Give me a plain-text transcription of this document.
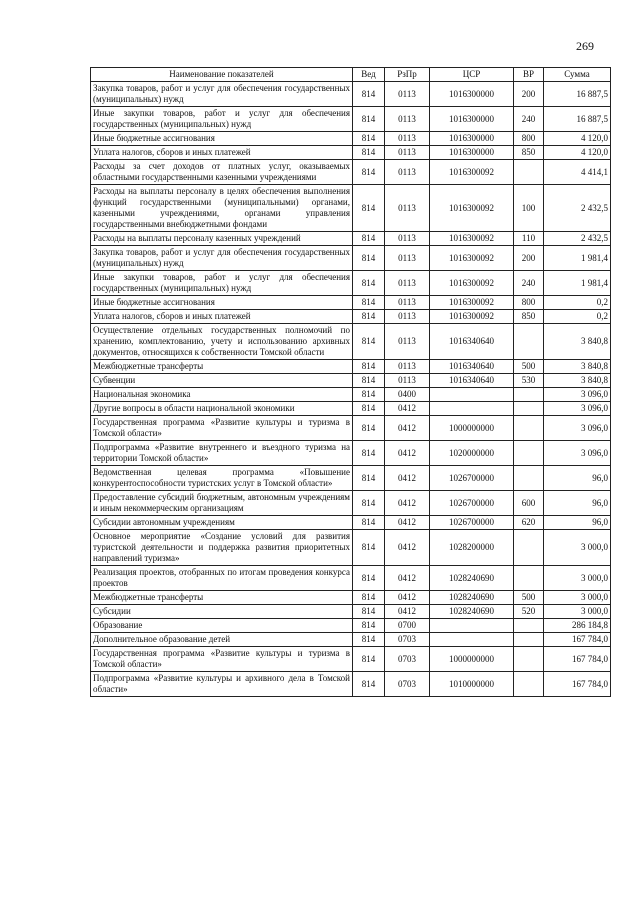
269
Наименование показателей	Вед	РзПр	ЦСР	ВР	Сумма
Закупка товаров, работ и услуг для обеспечения государственных (муниципальных) нужд	814	0113	1016300000	200	16 887,5
Иные закупки товаров, работ и услуг для обеспечения государственных (муниципальных) нужд	814	0113	1016300000	240	16 887,5
Иные бюджетные ассигнования	814	0113	1016300000	800	4 120,0
Уплата налогов, сборов и иных платежей	814	0113	1016300000	850	4 120,0
Расходы за счет доходов от платных услуг, оказываемых областными государственными казенными учреждениями	814	0113	1016300092		4 414,1
Расходы на выплаты персоналу в целях обеспечения выполнения функций государственными (муниципальными) органами, казенными учреждениями, органами управления государственными внебюджетными фондами	814	0113	1016300092	100	2 432,5
Расходы на выплаты персоналу казенных учреждений	814	0113	1016300092	110	2 432,5
Закупка товаров, работ и услуг для обеспечения государственных (муниципальных) нужд	814	0113	1016300092	200	1 981,4
Иные закупки товаров, работ и услуг для обеспечения государственных (муниципальных) нужд	814	0113	1016300092	240	1 981,4
Иные бюджетные ассигнования	814	0113	1016300092	800	0,2
Уплата налогов, сборов и иных платежей	814	0113	1016300092	850	0,2
Осуществление отдельных государственных полномочий по хранению, комплектованию, учету и использованию архивных документов, относящихся к собственности Томской области	814	0113	1016340640		3 840,8
Межбюджетные трансферты	814	0113	1016340640	500	3 840,8
Субвенции	814	0113	1016340640	530	3 840,8
Национальная экономика	814	0400			3 096,0
Другие вопросы в области национальной экономики	814	0412			3 096,0
Государственная программа «Развитие культуры и туризма в Томской области»	814	0412	1000000000		3 096,0
Подпрограмма «Развитие внутреннего и въездного туризма на территории Томской области»	814	0412	1020000000		3 096,0
Ведомственная целевая программа «Повышение конкурентоспособности туристских услуг в Томской области»	814	0412	1026700000		96,0
Предоставление субсидий бюджетным, автономным учреждениям и иным некоммерческим организациям	814	0412	1026700000	600	96,0
Субсидии автономным учреждениям	814	0412	1026700000	620	96,0
Основное мероприятие «Создание условий для развития туристской деятельности и поддержка развития приоритетных направлений туризма»	814	0412	1028200000		3 000,0
Реализация проектов, отобранных по итогам проведения конкурса проектов	814	0412	1028240690		3 000,0
Межбюджетные трансферты	814	0412	1028240690	500	3 000,0
Субсидии	814	0412	1028240690	520	3 000,0
Образование	814	0700			286 184,8
Дополнительное образование детей	814	0703			167 784,0
Государственная программа «Развитие культуры и туризма в Томской области»	814	0703	1000000000		167 784,0
Подпрограмма «Развитие культуры и архивного дела в Томской области»	814	0703	1010000000		167 784,0
